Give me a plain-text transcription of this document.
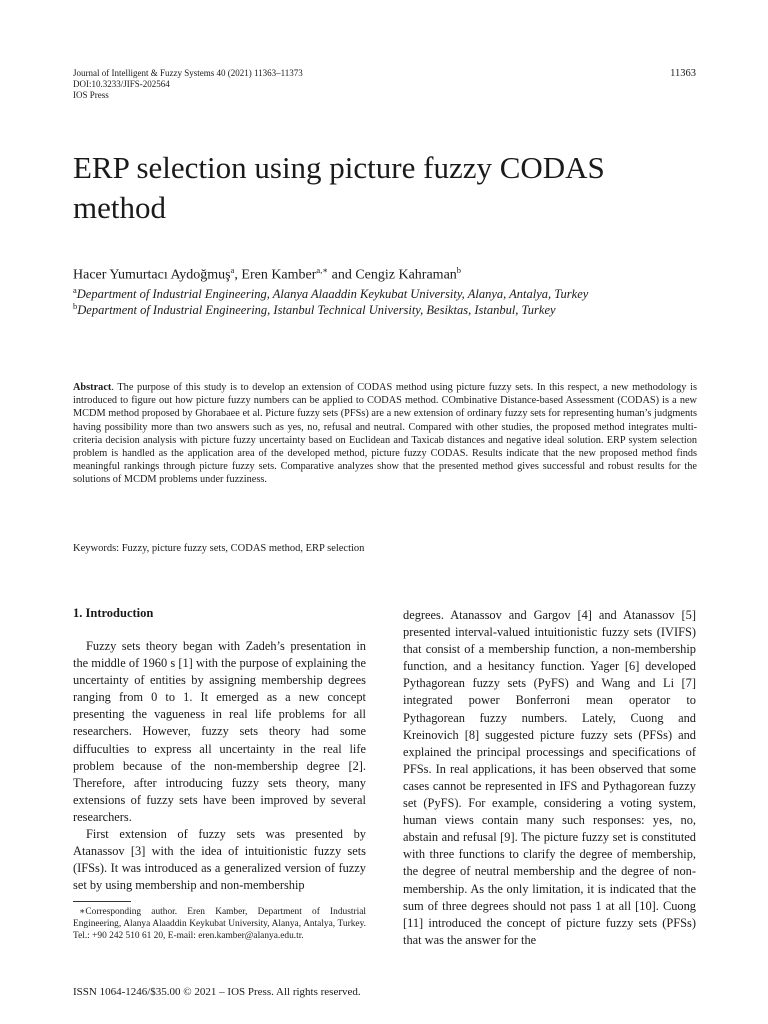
Journal of Intelligent & Fuzzy Systems 40 (2021) 11363–11373
DOI:10.3233/JIFS-202564
IOS Press
11363
ERP selection using picture fuzzy CODAS
method
Hacer Yumurtacı Aydoğmuş$^a$, Eren Kamber$^{a,∗}$ and Cengiz Kahraman$^b$
$^a$Department of Industrial Engineering, Alanya Alaaddin Keykubat University, Alanya, Antalya, Turkey
$^b$Department of Industrial Engineering, Istanbul Technical University, Besiktas, Istanbul, Turkey

Abstract. The purpose of this study is to develop an extension of CODAS method using picture fuzzy sets. In this respect, a new methodology is introduced to figure out how picture fuzzy numbers can be applied to CODAS method. COmbinative Distance-based Assessment (CODAS) is a new MCDM method proposed by Ghorabaee et al. Picture fuzzy sets (PFSs) are a new extension of ordinary fuzzy sets for representing human’s judgments having possibility more than two answers such as yes, no, refusal and neutral. Compared with other studies, the proposed method integrates multi-criteria decision analysis with picture fuzzy uncertainty based on Euclidean and Taxicab distances and negative ideal solution. ERP system selection problem is handled as the application area of the developed method, picture fuzzy CODAS. Results indicate that the new proposed method finds meaningful rankings through picture fuzzy sets. Comparative analyzes show that the presented method gives successful and robust results for the solutions of MCDM problems under fuzziness.

Keywords: Fuzzy, picture fuzzy sets, CODAS method, ERP selection

1. Introduction

Fuzzy sets theory began with Zadeh’s presentation in the middle of 1960 s [1] with the purpose of explaining the uncertainty of entities by assigning membership degrees ranging from 0 to 1. It emerged as a new concept presenting the vagueness in real life problems for all researchers. However, fuzzy sets theory had some diffuculties to express all uncertainty in the real life problem because of the non-membership degree [2]. Therefore, after introducing fuzzy sets theory, many extensions of fuzzy sets have been improved by several researchers.

First extension of fuzzy sets was presented by Atanassov [3] with the idea of intuitionistic fuzzy sets (IFSs). It was introduced as a generalized version of fuzzy set by using membership and non-membership

degrees. Atanassov and Gargov [4] and Atanassov [5] presented interval-valued intuitionistic fuzzy sets (IVIFS) that consist of a membership function, a non-membership function, and a hesitancy function. Yager [6] developed Pythagorean fuzzy sets (PyFS) and Wang and Li [7] integrated power Bonferroni mean operator to Pythagorean fuzzy numbers. Lately, Cuong and Kreinovich [8] suggested picture fuzzy sets (PFSs) and explained the principal processings and specifications of PFSs. In real applications, it has been observed that some cases cannot be represented in IFS and Pythagorean fuzzy set (PyFS). For example, considering a voting system, human views contain many such responses: yes, no, abstain and refusal [9]. The picture fuzzy set is constituted with three functions to clarify the degree of membership, the degree of neutral membership and the degree of non-membership. As the only limitation, it is indicated that the sum of three degrees should not pass 1 at all [10]. Cuong [11] introduced the concept of picture fuzzy sets (PFSs) that was the answer for the

∗Corresponding author. Eren Kamber, Department of Industrial Engineering, Alanya Alaaddin Keykubat University, Alanya, Antalya, Turkey. Tel.: +90 242 510 61 20, E-mail: eren.kamber@alanya.edu.tr.

ISSN 1064-1246/$35.00 © 2021 – IOS Press. All rights reserved.
